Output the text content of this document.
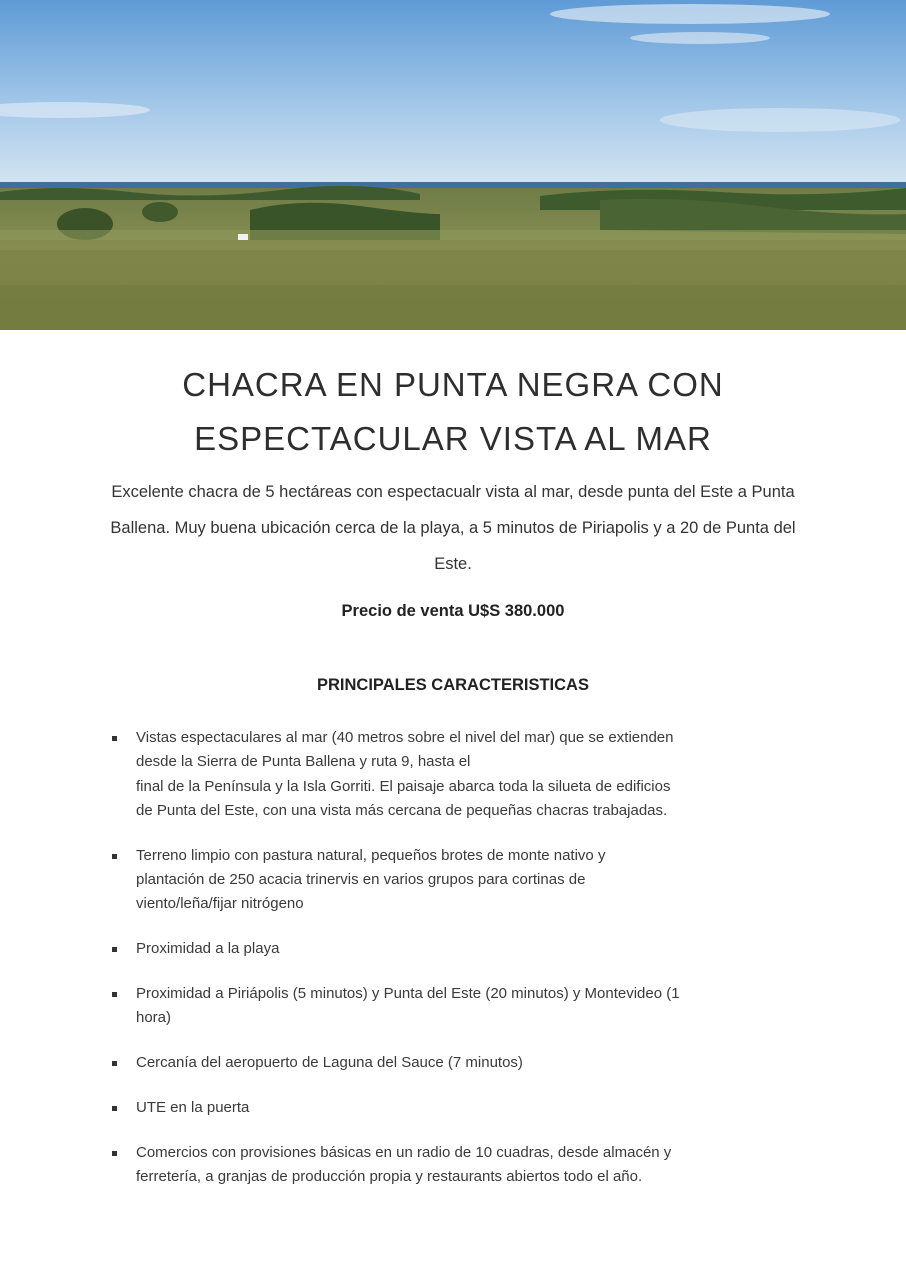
CHACRA EN PUNTA NEGRA CON
ESPECTACULAR VISTA AL MAR

Excelente chacra de 5 hectáreas con espectacualr vista al mar, desde punta del Este a Punta
Ballena. Muy buena ubicación cerca de la playa, a 5 minutos de Piriapolis y a 20 de Punta del
Este.

Precio de venta U$S 380.000

PRINCIPALES CARACTERISTICAS
Vistas espectaculares al mar (40 metros sobre el nivel del mar) que se extienden
desde la Sierra de Punta Ballena y ruta 9, hasta el
final de la Península y la Isla Gorriti. El paisaje abarca toda la silueta de edificios
de Punta del Este, con una vista más cercana de pequeñas chacras trabajadas.
Terreno limpio con pastura natural, pequeños brotes de monte nativo y
plantación de 250 acacia trinervis en varios grupos para cortinas de
viento/leña/fijar nitrógeno
Proximidad a la playa
Proximidad a Piriápolis (5 minutos) y Punta del Este (20 minutos) y Montevideo (1
hora)
Cercanía del aeropuerto de Laguna del Sauce (7 minutos)
UTE en la puerta
Comercios con provisiones básicas en un radio de 10 cuadras, desde almacén y
ferretería, a granjas de producción propia y restaurants abiertos todo el año.
